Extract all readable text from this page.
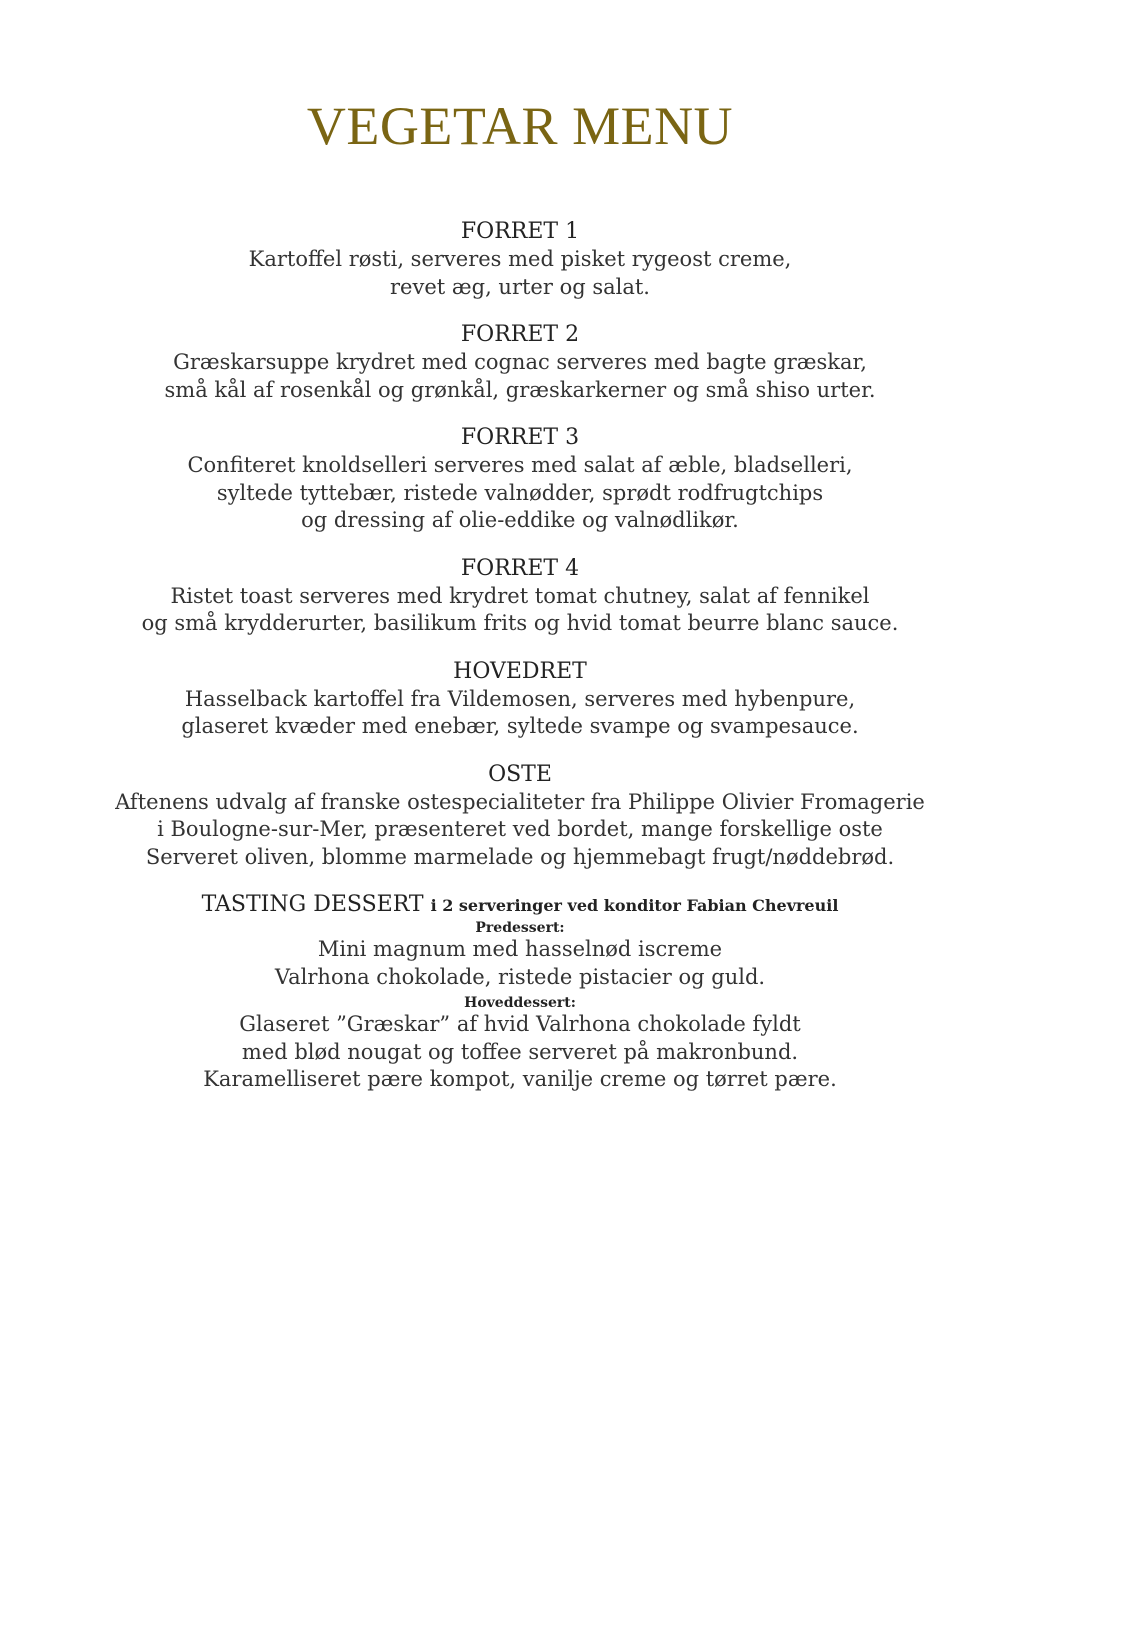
VEGETAR MENU
FORRET 1
Kartoffel røsti, serveres med pisket rygeost creme,
revet æg, urter og salat.
FORRET 2
Græskarsuppe krydret med cognac serveres med bagte græskar,
små kål af rosenkål og grønkål, græskarkerner og små shiso urter.
FORRET 3
Confiteret knoldselleri serveres med salat af æble, bladselleri,
syltede tyttebær, ristede valnødder, sprødt rodfrugtchips
og dressing af olie-eddike og valnødlikør.
FORRET 4
Ristet toast serveres med krydret tomat chutney, salat af fennikel
og små krydderurter, basilikum frits og hvid tomat beurre blanc sauce.
HOVEDRET
Hasselback kartoffel fra Vildemosen, serveres med hybenpure,
glaseret kvæder med enebær, syltede svampe og svampesauce.
OSTE
Aftenens udvalg af franske ostespecialiteter fra Philippe Olivier Fromagerie
i Boulogne-sur-Mer, præsenteret ved bordet, mange forskellige oste
Serveret oliven, blomme marmelade og hjemmebagt frugt/nøddebrød.
TASTING DESSERT i 2 serveringer ved konditor Fabian Chevreuil
Predessert:
Mini magnum med hasselnød iscreme
Valrhona chokolade, ristede pistacier og guld.
Hoveddessert:
Glaseret ”Græskar” af hvid Valrhona chokolade fyldt
med blød nougat og toffee serveret på makronbund.
Karamelliseret pære kompot, vanilje creme og tørret pære.
